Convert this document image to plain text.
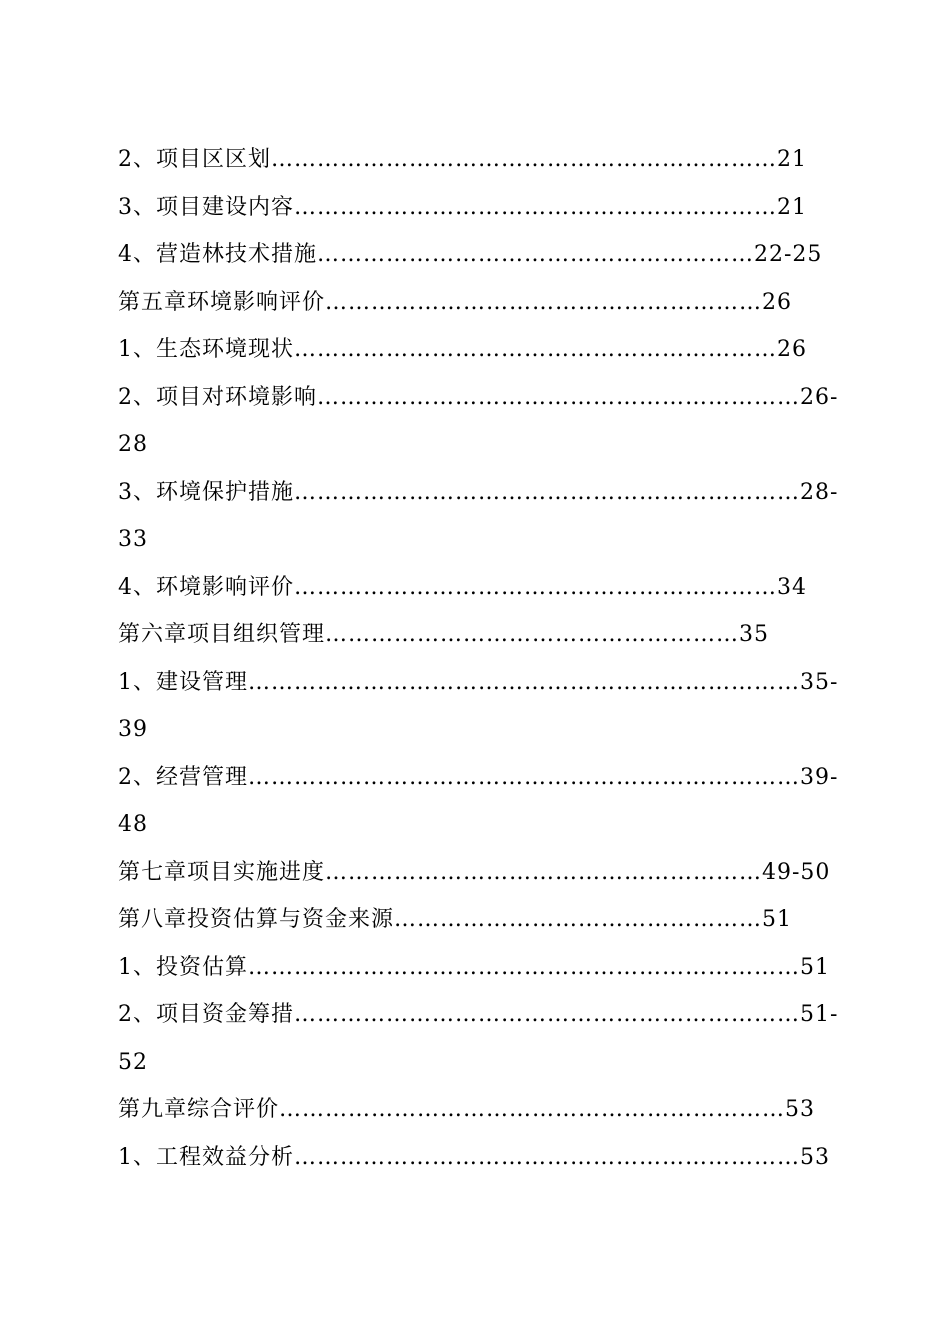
2、项目区区划…………………………………………………………21
3、项目建设内容………………………………………………………21
4、营造林技术措施…………………………………………………22-25
第五章环境影响评价…………………………………………………26
1、生态环境现状………………………………………………………26
2、项目对环境影响………………………………………………………26-
28
3、环境保护措施…………………………………………………………28-
33
4、环境影响评价………………………………………………………34
第六章项目组织管理………………………………………………35
1、建设管理………………………………………………………………35-
39
2、经营管理………………………………………………………………39-
48
第七章项目实施进度…………………………………………………49-50
第八章投资估算与资金来源…………………………………………51
1、投资估算………………………………………………………………51
2、项目资金筹措…………………………………………………………51-
52
第九章综合评价…………………………………………………………53
1、工程效益分析…………………………………………………………53
